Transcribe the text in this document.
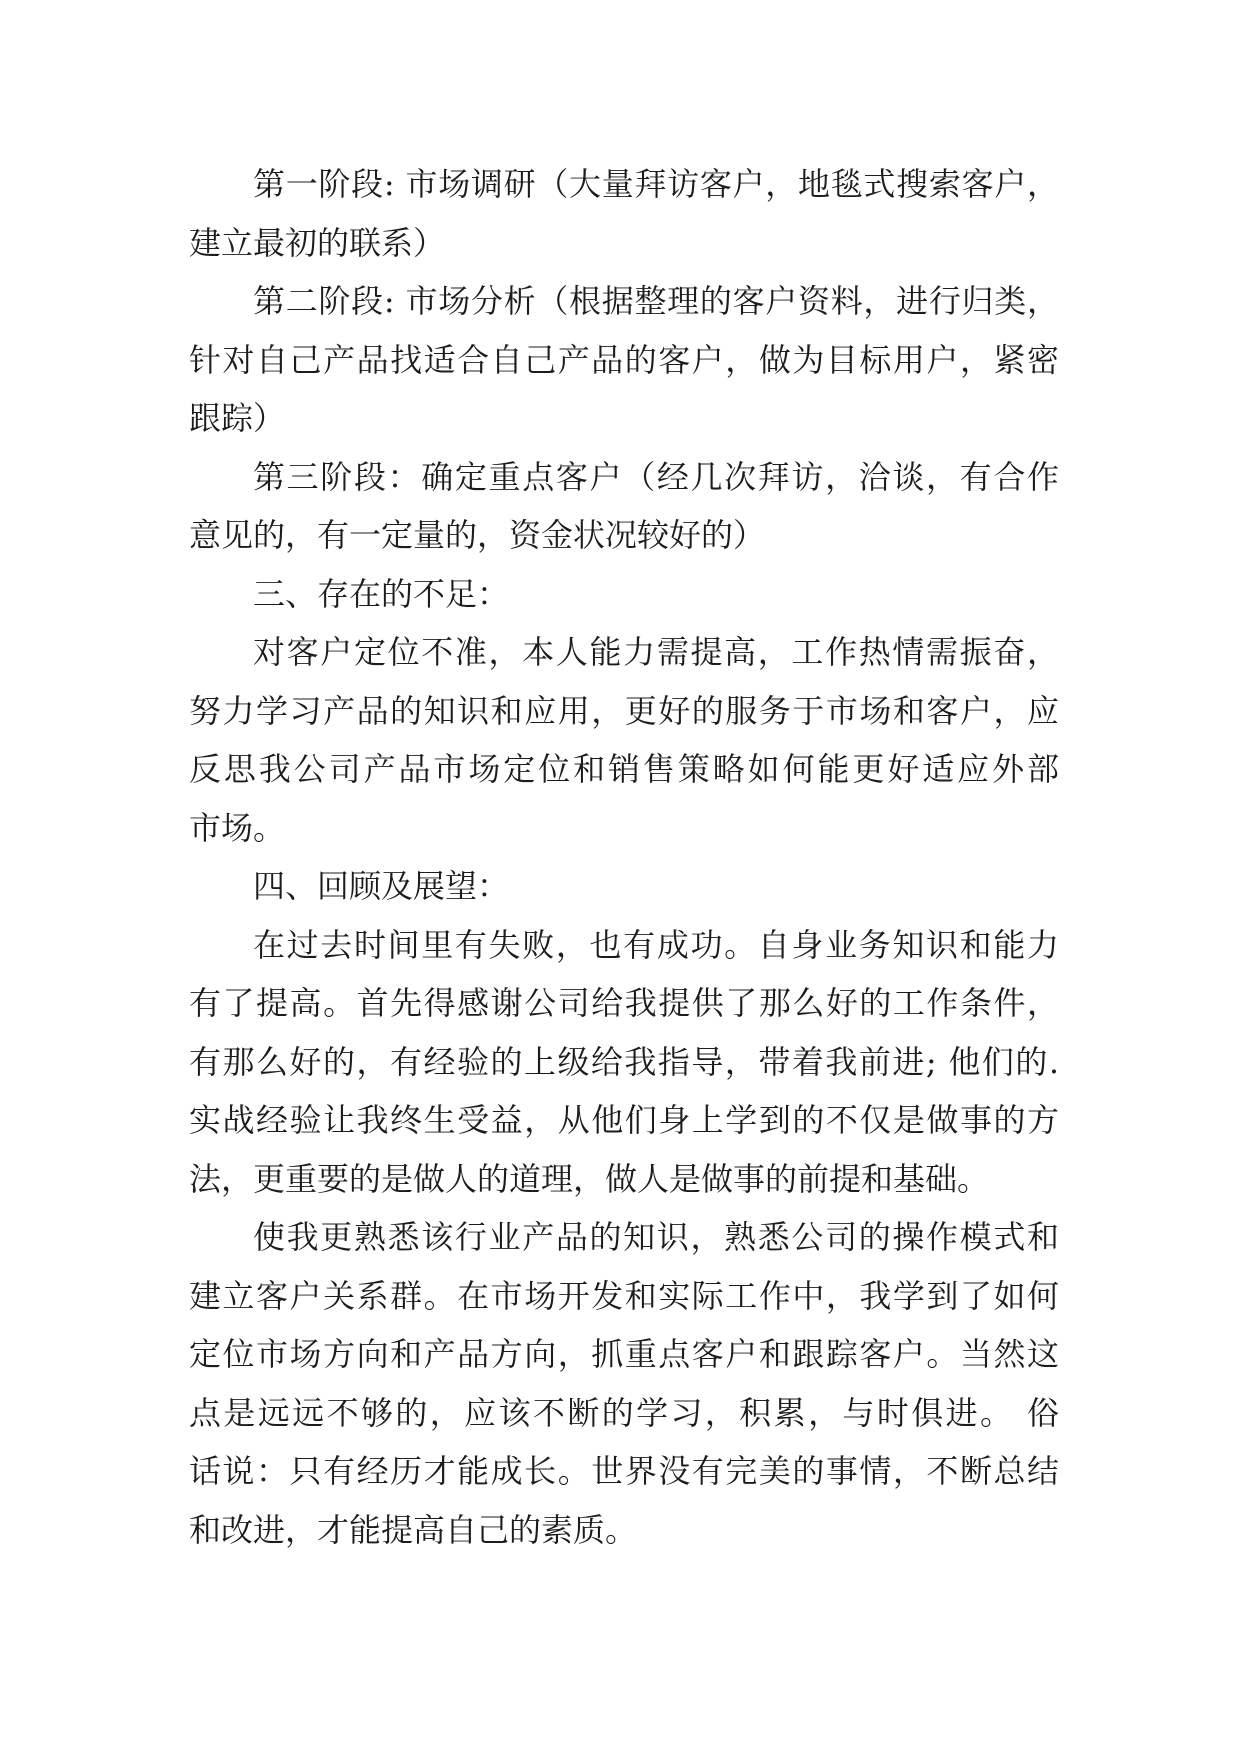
第一阶段: 市场调研（大量拜访客户，地毯式搜索客户，
建立最初的联系）
第二阶段: 市场分析（根据整理的客户资料，进行归类，
针对自己产品找适合自己产品的客户，做为目标用户，紧密
跟踪）
第三阶段：确定重点客户（经几次拜访，洽谈，有合作
意见的，有一定量的，资金状况较好的）
三、存在的不足：
对客户定位不准，本人能力需提高，工作热情需振奋，
努力学习产品的知识和应用，更好的服务于市场和客户，应
反思我公司产品市场定位和销售策略如何能更好适应外部
市场。
四、回顾及展望：
在过去时间里有失败，也有成功。自身业务知识和能力
有了提高。首先得感谢公司给我提供了那么好的工作条件，
有那么好的，有经验的上级给我指导，带着我前进; 他们的.
实战经验让我终生受益，从他们身上学到的不仅是做事的方
法，更重要的是做人的道理，做人是做事的前提和基础。
使我更熟悉该行业产品的知识，熟悉公司的操作模式和
建立客户关系群。在市场开发和实际工作中，我学到了如何
定位市场方向和产品方向，抓重点客户和跟踪客户。当然这
点是远远不够的，应该不断的学习，积累，与时俱进。 俗
话说：只有经历才能成长。世界没有完美的事情，不断总结
和改进，才能提高自己的素质。
